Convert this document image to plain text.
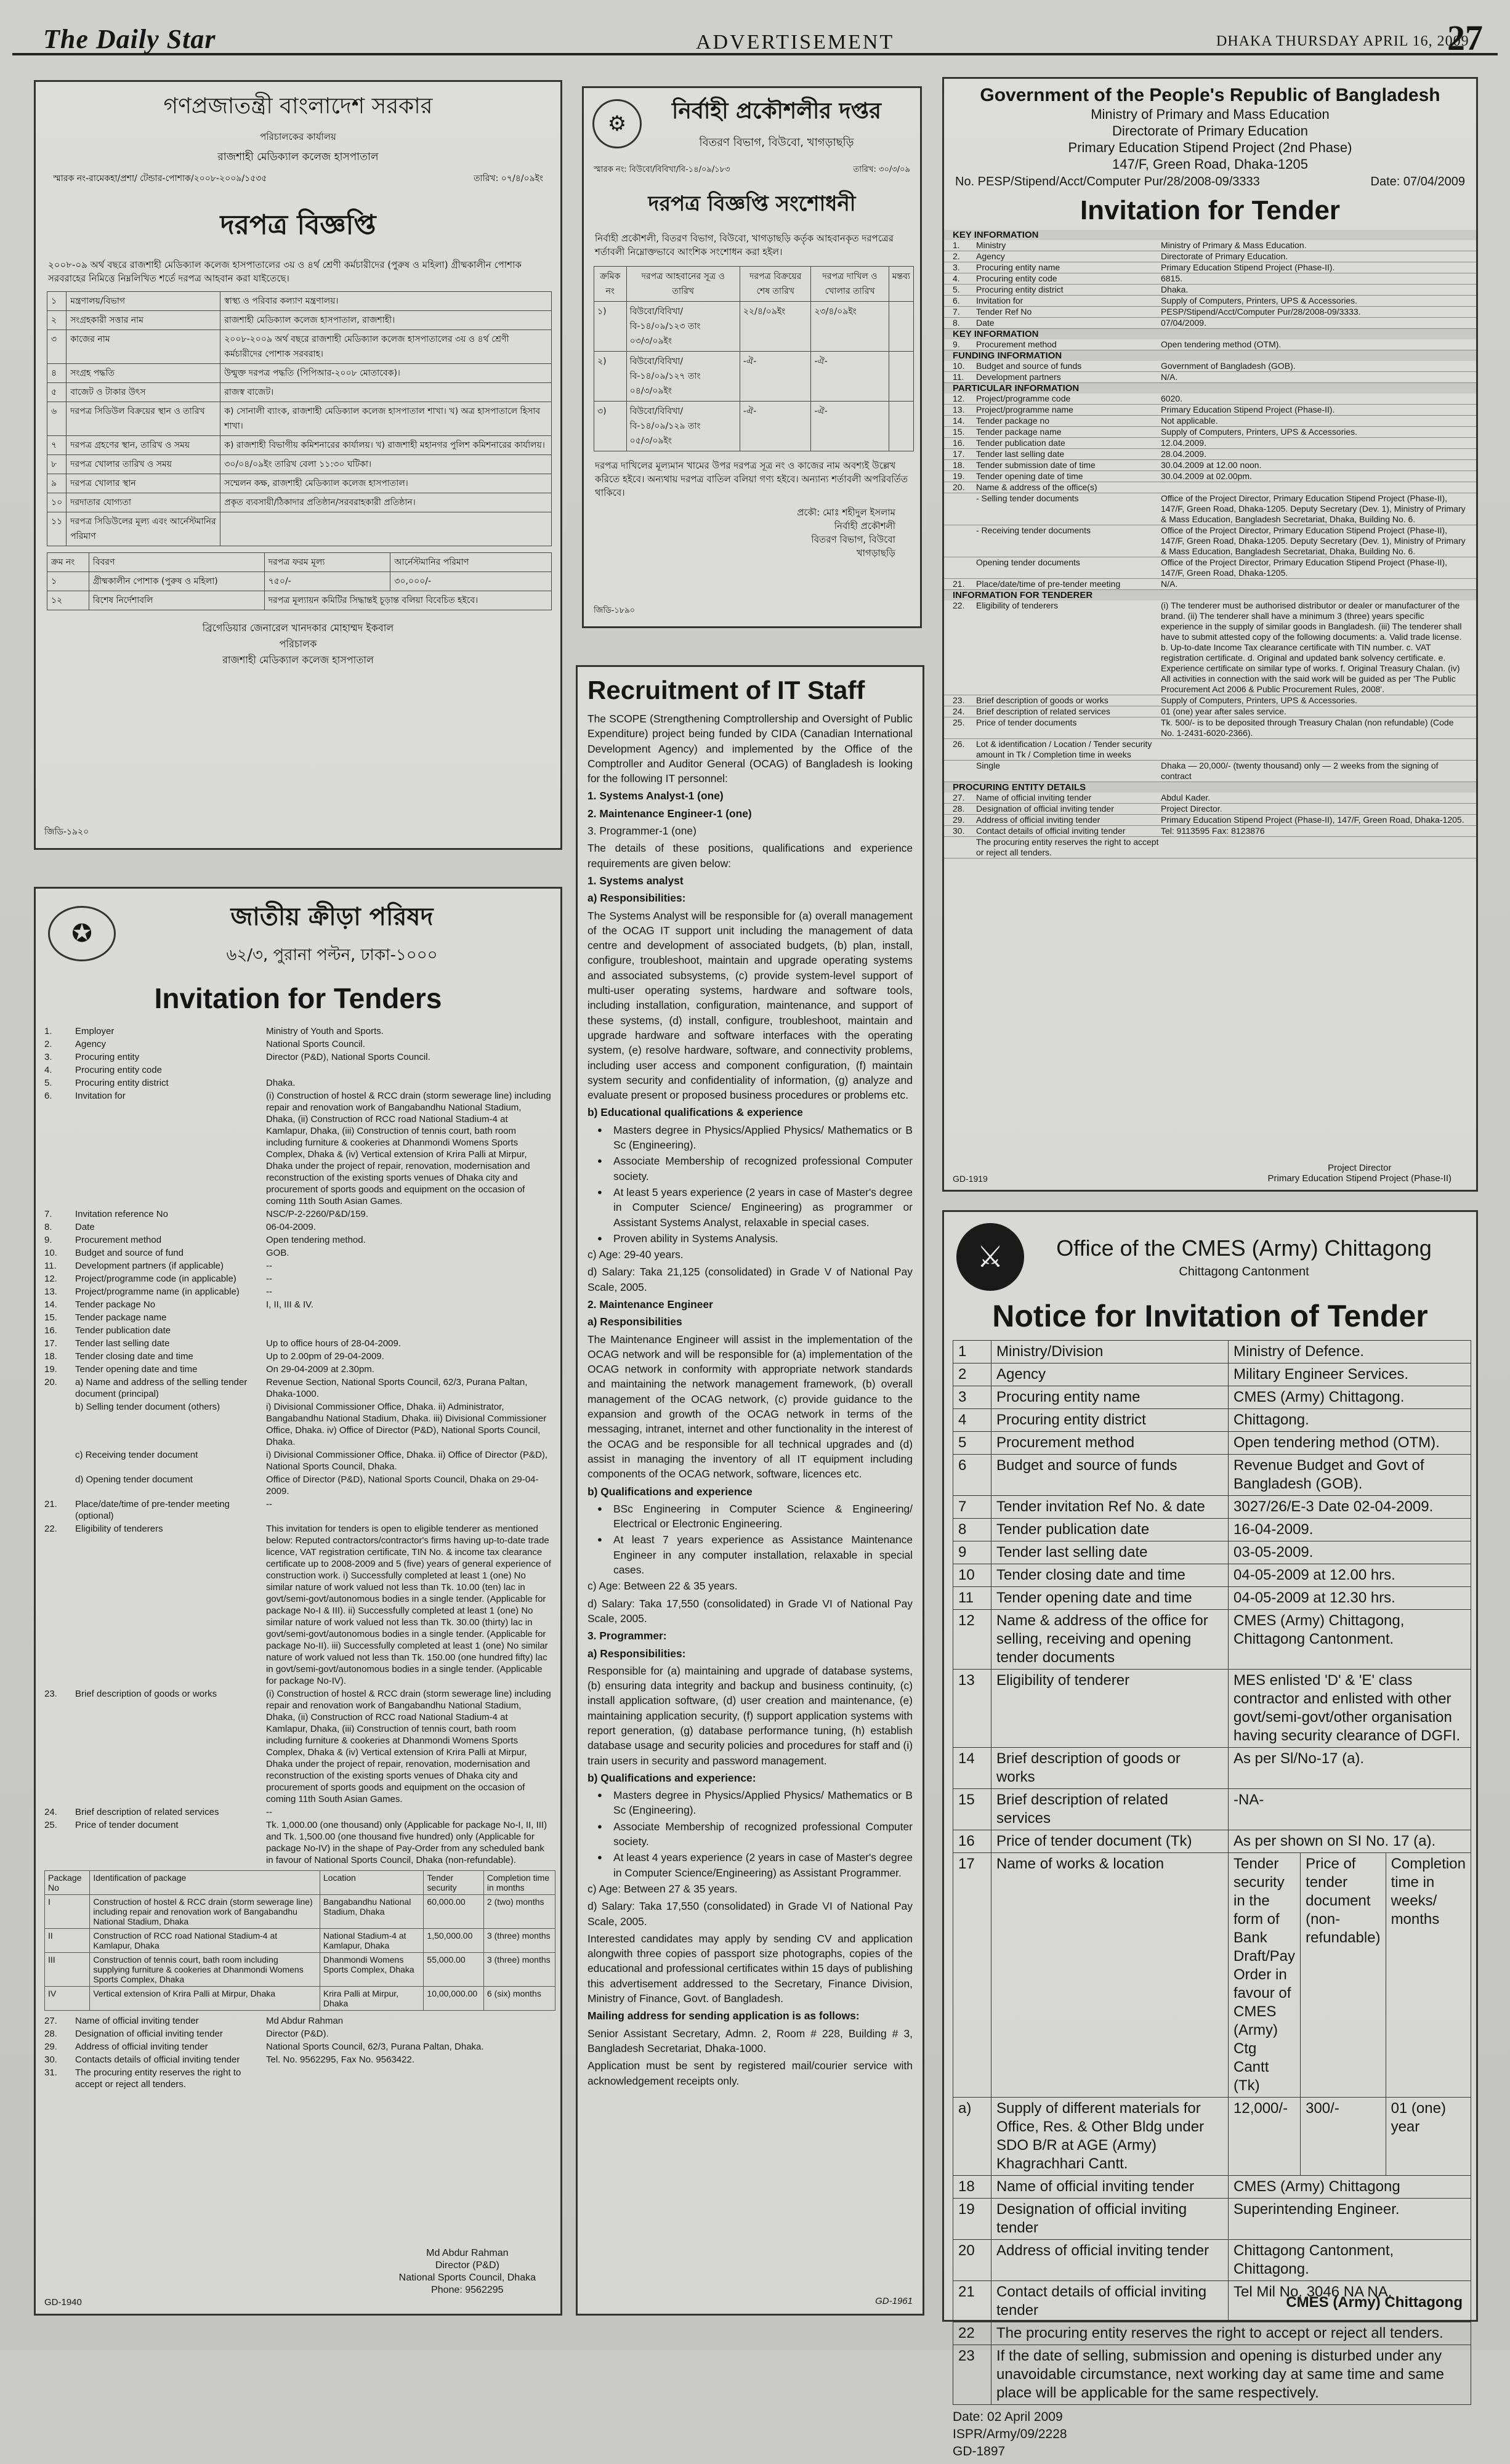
The Daily Star	ADVERTISEMENT	DHAKA THURSDAY APRIL 16, 2009
27
গণপ্রজাতন্ত্রী বাংলাদেশ সরকার
পরিচালকের কার্যালয়
রাজশাহী মেডিক্যাল কলেজ হাসপাতাল
স্মারক নং-রামেকহা/প্রশা/ টেন্ডার-পোশাক/২০০৮-২০০৯/১৫৩৫	তারিখ: ০৭/৪/০৯ইং
দরপত্র বিজ্ঞপ্তি
২০০৮-০৯ অর্থ বছরে রাজশাহী মেডিক্যাল কলেজ হাসপাতালের ৩য় ও ৪র্থ শ্রেণী কর্মচারীদের (পুরুষ ও মহিলা) গ্রীষ্মকালীন পোশাক সরবরাহের নিমিত্তে নিম্নলিখিত শর্তে দরপত্র আহবান করা যাইতেছে।
১	মন্ত্রণালয়/বিভাগ	স্বাস্থ্য ও পরিবার কল্যাণ মন্ত্রণালয়।
২	সংগ্রহকারী সত্তার নাম	রাজশাহী মেডিক্যাল কলেজ হাসপাতাল, রাজশাহী।
৩	কাজের নাম	২০০৮-২০০৯ অর্থ বছরে রাজশাহী মেডিক্যাল কলেজ হাসপাতালের ৩য় ও ৪র্থ শ্রেণী কর্মচারীদের পোশাক সরবরাহ।
৪	সংগ্রহ পদ্ধতি	উন্মুক্ত দরপত্র পদ্ধতি (পিপিআর-২০০৮ মোতাবেক)।
৫	বাজেট ও টাকার উৎস	রাজস্ব বাজেট।
৬	দরপত্র সিডিউল বিক্রয়ের স্থান ও তারিখ	ক) সোনালী ব্যাংক, রাজশাহী মেডিক্যাল কলেজ হাসপাতাল শাখা। খ) অত্র হাসপাতালে হিসাব শাখা।
৭	দরপত্র গ্রহণের স্থান, তারিখ ও সময়	ক) রাজশাহী বিভাগীয় কমিশনারের কার্যালয়। খ) রাজশাহী মহানগর পুলিশ কমিশনারের কার্যালয়।
৮	দরপত্র খোলার তারিখ ও সময়	৩০/০৪/০৯ইং তারিখ বেলা ১১:৩০ ঘটিকা।
৯	দরপত্র খোলার স্থান	সম্মেলন কক্ষ, রাজশাহী মেডিক্যাল কলেজ হাসপাতাল।
১০	দরদাতার যোগ্যতা	প্রকৃত ব্যবসায়ী/ঠিকাদার প্রতিষ্ঠান/সরবরাহকারী প্রতিষ্ঠান।
১১	দরপত্র সিডিউলের মূল্য এবং আর্নেস্টমানির পরিমাণ	
ক্রম নং	বিবরণ	দরপত্র ফরম মূল্য	আর্নেস্টমানির পরিমাণ
১	গ্রীষ্মকালীন পোশাক (পুরুষ ও মহিলা)	৭৫০/-	৩০,০০০/-
১২	বিশেষ নির্দেশাবলি	দরপত্র মূল্যায়ন কমিটির সিদ্ধান্তই চূড়ান্ত বলিয়া বিবেচিত হইবে।	
ব্রিগেডিয়ার জেনারেল খানদকার মোহাম্মদ ইকবাল
পরিচালক
রাজশাহী মেডিক্যাল কলেজ হাসপাতাল
জিডি-১৯২০
✪
জাতীয় ক্রীড়া পরিষদ
৬২/৩, পুরানা পল্টন, ঢাকা-১০০০
Invitation for Tenders
1.	Employer	Ministry of Youth and Sports.
2.	Agency	National Sports Council.
3.	Procuring entity	Director (P&D), National Sports Council.
4.	Procuring entity code
5.	Procuring entity district	Dhaka.
6.	Invitation for	(i) Construction of hostel & RCC drain (storm sewerage line) including repair and renovation work of Bangabandhu National Stadium, Dhaka, (ii) Construction of RCC road National Stadium-4 at Kamlapur, Dhaka, (iii) Construction of tennis court, bath room including furniture & cookeries at Dhanmondi Womens Sports Complex, Dhaka & (iv) Vertical extension of Krira Palli at Mirpur, Dhaka under the project of repair, renovation, modernisation and reconstruction of the existing sports venues of Dhaka city and procurement of sports goods and equipment on the occasion of coming 11th South Asian Games.
7.	Invitation reference No	NSC/P-2-2260/P&D/159.
8.	Date	06-04-2009.
9.	Procurement method	Open tendering method.
10.	Budget and source of fund	GOB.
11.	Development partners (if applicable)	--
12.	Project/programme code (in applicable)	--
13.	Project/programme name (in applicable)	--
14.	Tender package No	I, II, III & IV.
15.	Tender package name
16.	Tender publication date
17.	Tender last selling date	Up to office hours of 28-04-2009.
18.	Tender closing date and time	Up to 2.00pm of 29-04-2009.
19.	Tender opening date and time	On 29-04-2009 at 2.30pm.
20.	a) Name and address of the selling tender document (principal)
Revenue Section, National Sports Council, 62/3, Purana Paltan, Dhaka-1000.
b) Selling tender document (others)	i) Divisional Commissioner Office, Dhaka. ii) Administrator, Bangabandhu National Stadium, Dhaka. iii) Divisional Commissioner Office, Dhaka. iv) Office of Director (P&D), National Sports Council, Dhaka.
c) Receiving tender document	i) Divisional Commissioner Office, Dhaka. ii) Office of Director (P&D), National Sports Council, Dhaka.
d) Opening tender document	Office of Director (P&D), National Sports Council, Dhaka on 29-04-2009.
21.	Place/date/time of pre-tender meeting (optional)
--
22.	Eligibility of tenderers	This invitation for tenders is open to eligible tenderer as mentioned below: Reputed contractors/contractor's firms having up-to-date trade licence, VAT registration certificate, TIN No. & income tax clearance certificate up to 2008-2009 and 5 (five) years of general experience of construction work. i) Successfully completed at least 1 (one) No similar nature of work valued not less than Tk. 10.00 (ten) lac in govt/semi-govt/autonomous bodies in a single tender. (Applicable for package No-I & III). ii) Successfully completed at least 1 (one) No similar nature of work valued not less than Tk. 30.00 (thirty) lac in govt/semi-govt/autonomous bodies in a single tender. (Applicable for package No-II). iii) Successfully completed at least 1 (one) No similar nature of work valued not less than Tk. 150.00 (one hundred fifty) lac in govt/semi-govt/autonomous bodies in a single tender. (Applicable for package No-IV).
23.	Brief description of goods or works	(i) Construction of hostel & RCC drain (storm sewerage line) including repair and renovation work of Bangabandhu National Stadium, Dhaka, (ii) Construction of RCC road National Stadium-4 at Kamlapur, Dhaka, (iii) Construction of tennis court, bath room including furniture & cookeries at Dhanmondi Womens Sports Complex, Dhaka & (iv) Vertical extension of Krira Palli at Mirpur, Dhaka under the project of repair, renovation, modernisation and reconstruction of the existing sports venues of Dhaka city and procurement of sports goods and equipment on the occasion of coming 11th South Asian Games.
24.	Brief description of related services	--
25.	Price of tender document	Tk. 1,000.00 (one thousand) only (Applicable for package No-I, II, III) and Tk. 1,500.00 (one thousand five hundred) only (Applicable for package No-IV) in the shape of Pay-Order from any scheduled bank in favour of National Sports Council, Dhaka (non-refundable).
Package No	Identification of package	Location	Tender security	Completion time in months
I	Construction of hostel & RCC drain (storm sewerage line) including repair and renovation work of Bangabandhu National Stadium, Dhaka	Bangabandhu National Stadium, Dhaka	60,000.00	2 (two) months
II	Construction of RCC road National Stadium-4 at Kamlapur, Dhaka	National Stadium-4 at Kamlapur, Dhaka	1,50,000.00	3 (three) months
III	Construction of tennis court, bath room including supplying furniture & cookeries at Dhanmondi Womens Sports Complex, Dhaka	Dhanmondi Womens Sports Complex, Dhaka	55,000.00	3 (three) months
IV	Vertical extension of Krira Palli at Mirpur, Dhaka	Krira Palli at Mirpur, Dhaka	10,00,000.00	6 (six) months
27.	Name of official inviting tender	Md Abdur Rahman
28.	Designation of official inviting tender	Director (P&D).
29.	Address of official inviting tender	National Sports Council, 62/3, Purana Paltan, Dhaka.
30.	Contacts details of official inviting tender	Tel. No. 9562295, Fax No. 9563422.
31.	The procuring entity reserves the right to accept or reject all tenders.
Md Abdur Rahman
Director (P&D)
National Sports Council, Dhaka
Phone: 9562295
GD-1940
⚙	নির্বাহী প্রকৌশলীর দপ্তর
বিতরণ বিভাগ, বিউবো, খাগড়াছড়ি
স্মারক নং: বিউবো/বিবিখা/বি-১৪/০৯/১৮৩	তারিখ: ৩০/৩/০৯
দরপত্র বিজ্ঞপ্তি সংশোধনী
নির্বাহী প্রকৌশলী, বিতরণ বিভাগ, বিউবো, খাগড়াছড়ি কর্তৃক আহবানকৃত দরপত্রের শর্তাবলী নিম্নোক্তভাবে আংশিক সংশোধন করা হইল।
ক্রমিক নং	দরপত্র আহবানের সূত্র ও তারিখ	দরপত্র বিক্রয়ের শেষ তারিখ	দরপত্র দাখিল ও খোলার তারিখ	মন্তব্য
১)	বিউবো/বিবিখা/ বি-১৪/০৯/১২৩ তাং ০৩/৩/০৯ইং	২২/৪/০৯ইং	২৩/৪/০৯ইং	
২)	বিউবো/বিবিখা/ বি-১৪/০৯/১২৭ তাং ০৪/৩/০৯ইং	-ঐ-	-ঐ-	
৩)	বিউবো/বিবিখা/ বি-১৪/০৯/১২৯ তাং ০৫/৩/০৯ইং	-ঐ-	-ঐ-	
দরপত্র দাখিলের মূল্যমান খামের উপর দরপত্র সূত্র নং ও কাজের নাম অবশ্যই উল্লেখ করিতে হইবে। অন্যথায় দরপত্র বাতিল বলিয়া গণ্য হইবে। অন্যান্য শর্তাবলী অপরিবর্তিত থাকিবে।
প্রকৌ: মোঃ শহীদুল ইসলাম
নির্বাহী প্রকৌশলী
বিতরণ বিভাগ, বিউবো
খাগড়াছড়ি
জিডি-১৮৯০
Recruitment of IT Staff

The SCOPE (Strengthening Comptrollership and Oversight of Public Expenditure) project being funded by CIDA (Canadian International Development Agency) and implemented by the Office of the Comptroller and Auditor General (OCAG) of Bangladesh is looking for the following IT personnel:

1. Systems Analyst-1 (one)

2. Maintenance Engineer-1 (one)

3. Programmer-1 (one)

The details of these positions, qualifications and experience requirements are given below:

1. Systems analyst

a) Responsibilities:

The Systems Analyst will be responsible for (a) overall management of the OCAG IT support unit including the management of data centre and development of associated budgets, (b) plan, install, configure, troubleshoot, maintain and upgrade operating systems and associated subsystems, (c) provide system-level support of multi-user operating systems, hardware and software tools, including installation, configuration, maintenance, and support of these systems, (d) install, configure, troubleshoot, maintain and upgrade hardware and software interfaces with the operating system, (e) resolve hardware, software, and connectivity problems, including user access and component configuration, (f) maintain system security and confidentiality of information, (g) analyze and evaluate present or proposed business procedures or problems etc.

b) Educational qualifications & experience

● Masters degree in Physics/Applied Physics/ Mathematics or B Sc (Engineering).
● Associate Membership of recognized professional Computer society.
● At least 5 years experience (2 years in case of Master's degree in Computer Science/ Engineering) as programmer or Assistant Systems Analyst, relaxable in special cases.
● Proven ability in Systems Analysis.

c) Age: 29-40 years.

d) Salary: Taka 21,125 (consolidated) in Grade V of National Pay Scale, 2005.

2. Maintenance Engineer

a) Responsibilities

The Maintenance Engineer will assist in the implementation of the OCAG network and will be responsible for (a) implementation of the OCAG network in conformity with appropriate network standards and maintaining the network management framework, (b) overall management of the OCAG network, (c) provide guidance to the expansion and growth of the OCAG network in terms of the messaging, intranet, internet and other functionality in the interest of the OCAG and be responsible for all technical upgrades and (d) assist in managing the inventory of all IT equipment including components of the OCAG network, software, licences etc.

b) Qualifications and experience

● BSc Engineering in Computer Science & Engineering/ Electrical or Electronic Engineering.
● At least 7 years experience as Assistance Maintenance Engineer in any computer installation, relaxable in special cases.

c) Age: Between 22 & 35 years.

d) Salary: Taka 17,550 (consolidated) in Grade VI of National Pay Scale, 2005.

3. Programmer:

a) Responsibilities:

Responsible for (a) maintaining and upgrade of database systems, (b) ensuring data integrity and backup and business continuity, (c) install application software, (d) user creation and maintenance, (e) maintaining application security, (f) support application systems with report generation, (g) database performance tuning, (h) establish database usage and security policies and procedures for staff and (i) train users in security and password management.

b) Qualifications and experience:

● Masters degree in Physics/Applied Physics/ Mathematics or B Sc (Engineering).
● Associate Membership of recognized professional Computer society.
● At least 4 years experience (2 years in case of Master's degree in Computer Science/Engineering) as Assistant Programmer.

c) Age: Between 27 & 35 years.

d) Salary: Taka 17,550 (consolidated) in Grade VI of National Pay Scale, 2005.

Interested candidates may apply by sending CV and application alongwith three copies of passport size photographs, copies of the educational and professional certificates within 15 days of publishing this advertisement addressed to the Secretary, Finance Division, Ministry of Finance, Govt. of Bangladesh.

Mailing address for sending application is as follows:

Senior Assistant Secretary, Admn. 2, Room # 228, Building # 3, Bangladesh Secretariat, Dhaka-1000.

Application must be sent by registered mail/courier service with acknowledgement receipts only.

GD-1961
Government of the People's Republic of Bangladesh
Ministry of Primary and Mass Education
Directorate of Primary Education
Primary Education Stipend Project (2nd Phase)
147/F, Green Road, Dhaka-1205
No. PESP/Stipend/Acct/Computer Pur/28/2008-09/3333	Date: 07/04/2009
Invitation for Tender
KEY INFORMATION
1.	Ministry	Ministry of Primary & Mass Education.
2.	Agency	Directorate of Primary Education.
3.	Procuring entity name	Primary Education Stipend Project (Phase-II).
4.	Procuring entity code	6815.
5.	Procuring entity district	Dhaka.
6.	Invitation for	Supply of Computers, Printers, UPS & Accessories.
7.	Tender Ref No	PESP/Stipend/Acct/Computer Pur/28/2008-09/3333.
8.	Date	07/04/2009.
KEY INFORMATION
9.	Procurement method	Open tendering method (OTM).
FUNDING INFORMATION
10.	Budget and source of funds	Government of Bangladesh (GOB).
11.	Development partners	N/A.
PARTICULAR INFORMATION
12.	Project/programme code	6020.
13.	Project/programme name	Primary Education Stipend Project (Phase-II).
14.	Tender package no	Not applicable.
15.	Tender package name	Supply of Computers, Printers, UPS & Accessories.
16.	Tender publication date	12.04.2009.
17.	Tender last selling date	28.04.2009.
18.	Tender submission date of time	30.04.2009 at 12.00 noon.
19.	Tender opening date of time	30.04.2009 at 02.00pm.
20.	Name & address of the office(s)
- Selling tender documents	Office of the Project Director, Primary Education Stipend Project (Phase-II), 147/F, Green Road, Dhaka-1205. Deputy Secretary (Dev. 1), Ministry of Primary & Mass Education, Bangladesh Secretariat, Dhaka, Building No. 6.
- Receiving tender documents	Office of the Project Director, Primary Education Stipend Project (Phase-II), 147/F, Green Road, Dhaka-1205. Deputy Secretary (Dev. 1), Ministry of Primary & Mass Education, Bangladesh Secretariat, Dhaka, Building No. 6.
Opening tender documents	Office of the Project Director, Primary Education Stipend Project (Phase-II), 147/F, Green Road, Dhaka-1205.
21.	Place/date/time of pre-tender meeting	N/A.
INFORMATION FOR TENDERER
22.	Eligibility of tenderers	(i) The tenderer must be authorised distributor or dealer or manufacturer of the brand. (ii) The tenderer shall have a minimum 3 (three) years specific experience in the supply of similar goods in Bangladesh. (iii) The tenderer shall have to submit attested copy of the following documents: a. Valid trade license. b. Up-to-date Income Tax clearance certificate with TIN number. c. VAT registration certificate. d. Original and updated bank solvency certificate. e. Experience certificate on similar type of works. f. Original Treasury Chalan. (iv) All activities in connection with the said work will be guided as per 'The Public Procurement Act 2006 & Public Procurement Rules, 2008'.
23.	Brief description of goods or works	Supply of Computers, Printers, UPS & Accessories.
24.	Brief description of related services	01 (one) year after sales service.
25.	Price of tender documents	Tk. 500/- is to be deposited through Treasury Chalan (non refundable) (Code No. 1-2431-6020-2366).
26.	Lot & identification / Location / Tender security amount in Tk / Completion time in weeks
Single	Dhaka — 20,000/- (twenty thousand) only — 2 weeks from the signing of contract
PROCURING ENTITY DETAILS
27.	Name of official inviting tender	Abdul Kader.
28.	Designation of official inviting tender	Project Director.
29.	Address of official inviting tender	Primary Education Stipend Project (Phase-II), 147/F, Green Road, Dhaka-1205.
30.	Contact details of official inviting tender	Tel: 9113595 Fax: 8123876
The procuring entity reserves the right to accept or reject all tenders.
GD-1919
Project Director
Primary Education Stipend Project (Phase-II)
⚔	Office of the CMES (Army) Chittagong
Chittagong Cantonment
Notice for Invitation of Tender
1	Ministry/Division	Ministry of Defence.		
2	Agency	Military Engineer Services.		
3	Procuring entity name	CMES (Army) Chittagong.		
4	Procuring entity district	Chittagong.		
5	Procurement method	Open tendering method (OTM).		
6	Budget and source of funds	Revenue Budget and Govt of Bangladesh (GOB).		
7	Tender invitation Ref No. & date	3027/26/E-3 Date 02-04-2009.		
8	Tender publication date	16-04-2009.		
9	Tender last selling date	03-05-2009.		
10	Tender closing date and time	04-05-2009 at 12.00 hrs.		
11	Tender opening date and time	04-05-2009 at 12.30 hrs.		
12	Name & address of the office for selling, receiving and opening tender documents	CMES (Army) Chittagong, Chittagong Cantonment.		
13	Eligibility of tenderer	MES enlisted 'D' & 'E' class contractor and enlisted with other govt/semi-govt/other organisation having security clearance of DGFI.		
14	Brief description of goods or works	As per Sl/No-17 (a).		
15	Brief description of related services	-NA-		
16	Price of tender document (Tk)	As per shown on SI No. 17 (a).		
17	Name of works & location	Tender security in the form of Bank Draft/Pay Order in favour of CMES (Army) Ctg Cantt (Tk)	Price of tender document (non-refundable)	Completion time in weeks/ months
a)	Supply of different materials for Office, Res. & Other Bldg under SDO B/R at AGE (Army) Khagrachhari Cantt.	12,000/-	300/-	01 (one) year
18	Name of official inviting tender	CMES (Army) Chittagong		
19	Designation of official inviting tender	Superintending Engineer.		
20	Address of official inviting tender	Chittagong Cantonment, Chittagong.		
21	Contact details of official inviting tender	Tel Mil No. 3046 NA NA.		
22	The procuring entity reserves the right to accept or reject all tenders.			
23	If the date of selling, submission and opening is disturbed under any unavoidable circumstance, next working day at same time and same place will be applicable for the same respectively.			
Date: 02 April 2009
ISPR/Army/09/2228
GD-1897
CMES (Army) Chittagong
